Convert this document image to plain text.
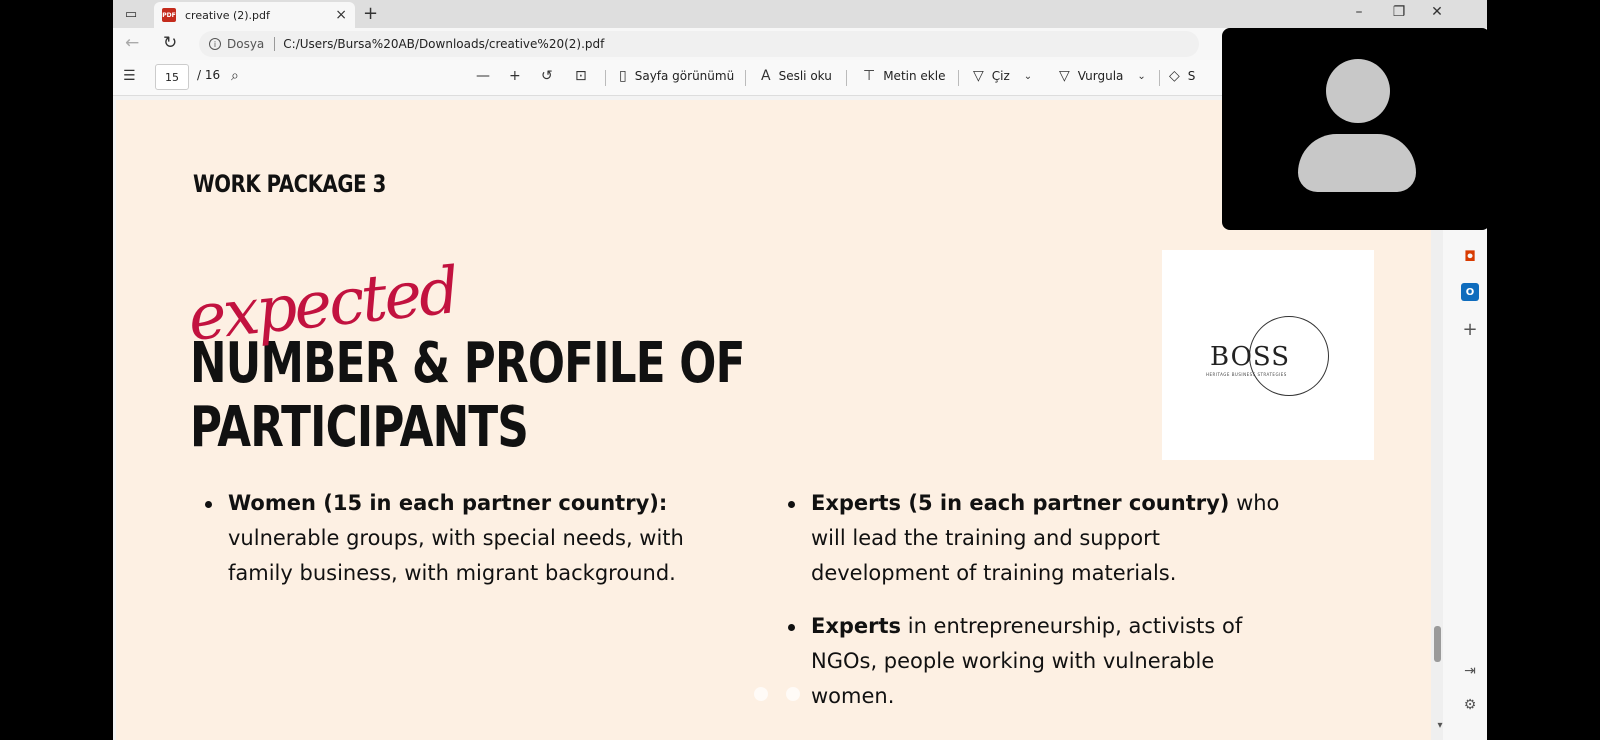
▭	PDF creative (2).pdf	× +	–	❐ ✕
← ↻	i Dosya	C:/Users/Bursa%20AB/Downloads/creative%20(2).pdf
☰	15	/ 16 ⌕	— + ↺ ⊡ ▯ Sayfa görünümü A Sesli oku ⊤ Metin ekle ▽ Çiz ⌄ ▽ Vurgula ⌄ ◇ S
WORK PACKAGE 3
NUMBER & PROFILE OF
PARTICIPANTS
expected
BOSS
HERITAGE BUSINESS STRATEGIES
Women (15 in each partner country): vulnerable groups, with special needs, with family business, with migrant background.
Experts (5 in each partner country) who will lead the training and support development of training materials.
Experts in entrepreneurship, activists of NGOs, people working with vulnerable women.
◘
O
+
⇥
⚙
▾
